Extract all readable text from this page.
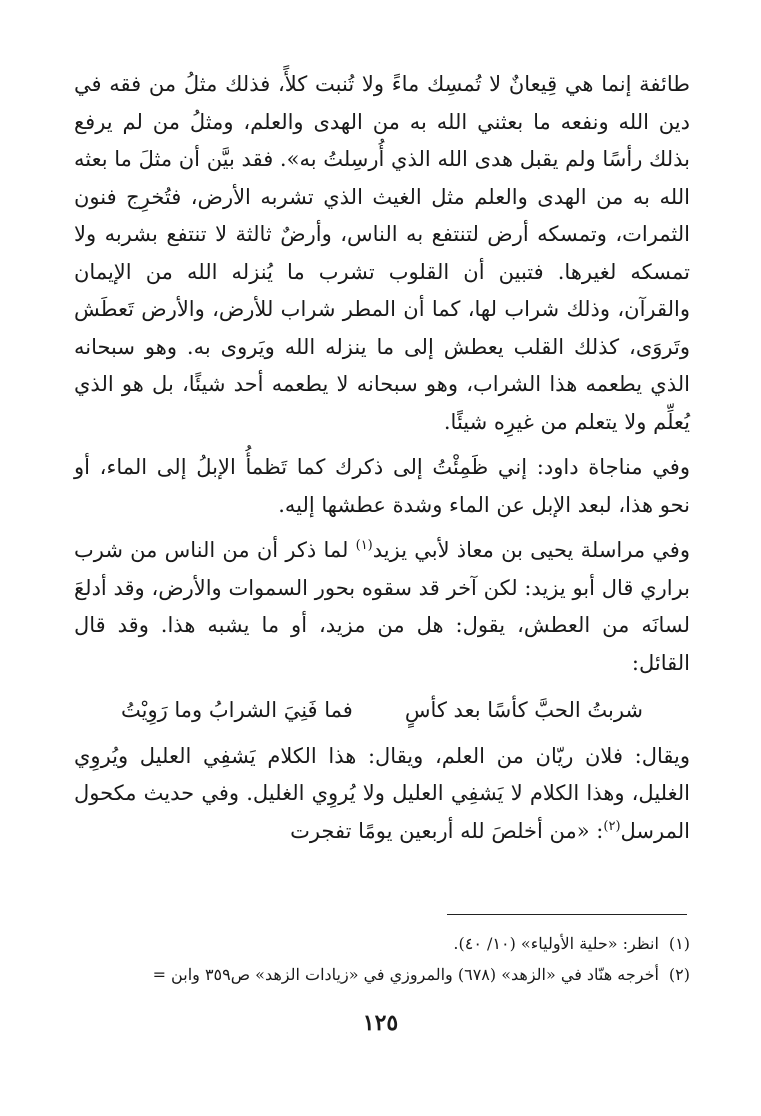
طائفة إنما هي قِيعانٌ لا تُمسِك ماءً ولا تُنبت كلأً، فذلك مثلُ من فقه في دين الله ونفعه ما بعثني الله به من الهدى والعلم، ومثلُ من لم يرفع بذلك رأسًا ولم يقبل هدى الله الذي أُرسِلتُ به». فقد بيَّن أن مثلَ ما بعثه الله به من الهدى والعلم مثل الغيث الذي تشربه الأرض، فتُخرِج فنون الثمرات، وتمسكه أرض لتنتفع به الناس، وأرضٌ ثالثة لا تنتفع بشربه ولا تمسكه لغيرها. فتبين أن القلوب تشرب ما يُنزله الله من الإيمان والقرآن، وذلك شراب لها، كما أن المطر شراب للأرض، والأرض تَعطَش وتَروَى، كذلك القلب يعطش إلى ما ينزله الله ويَروى به. وهو سبحانه الذي يطعمه هذا الشراب، وهو سبحانه لا يطعمه أحد شيئًا، بل هو الذي يُعلِّم ولا يتعلم من غيرِه شيئًا.

وفي مناجاة داود: إني ظَمِئْتُ إلى ذكرك كما تَظمأُ الإبلُ إلى الماء، أو نحو هذا، لبعد الإبل عن الماء وشدة عطشها إليه.

وفي مراسلة يحيى بن معاذ لأبي يزيد$^{(١)}$ لما ذكر أن من الناس من شرب براري قال أبو يزيد: لكن آخر قد سقوه بحور السموات والأرض، وقد أدلعَ لسانَه من العطش، يقول: هل من مزيد، أو ما يشبه هذا. وقد قال القائل:

شربتُ الحبَّ كأسًا بعد كأسٍ
فما فَنِيَ الشرابُ وما رَوِيْتُ

ويقال: فلان ريّان من العلم، ويقال: هذا الكلام يَشفِي العليل ويُروِي الغليل، وهذا الكلام لا يَشفِي العليل ولا يُروِي الغليل. وفي حديث مكحول المرسل$^{(٢)}$: «من أخلصَ لله أربعين يومًا تفجرت

(١)انظر: «حلية الأولياء» (١٠/ ٤٠).

(٢)أخرجه هنّاد في «الزهد» (٦٧٨) والمروزي في «زيادات الزهد» ص٣٥٩ وابن =

١٢٥
